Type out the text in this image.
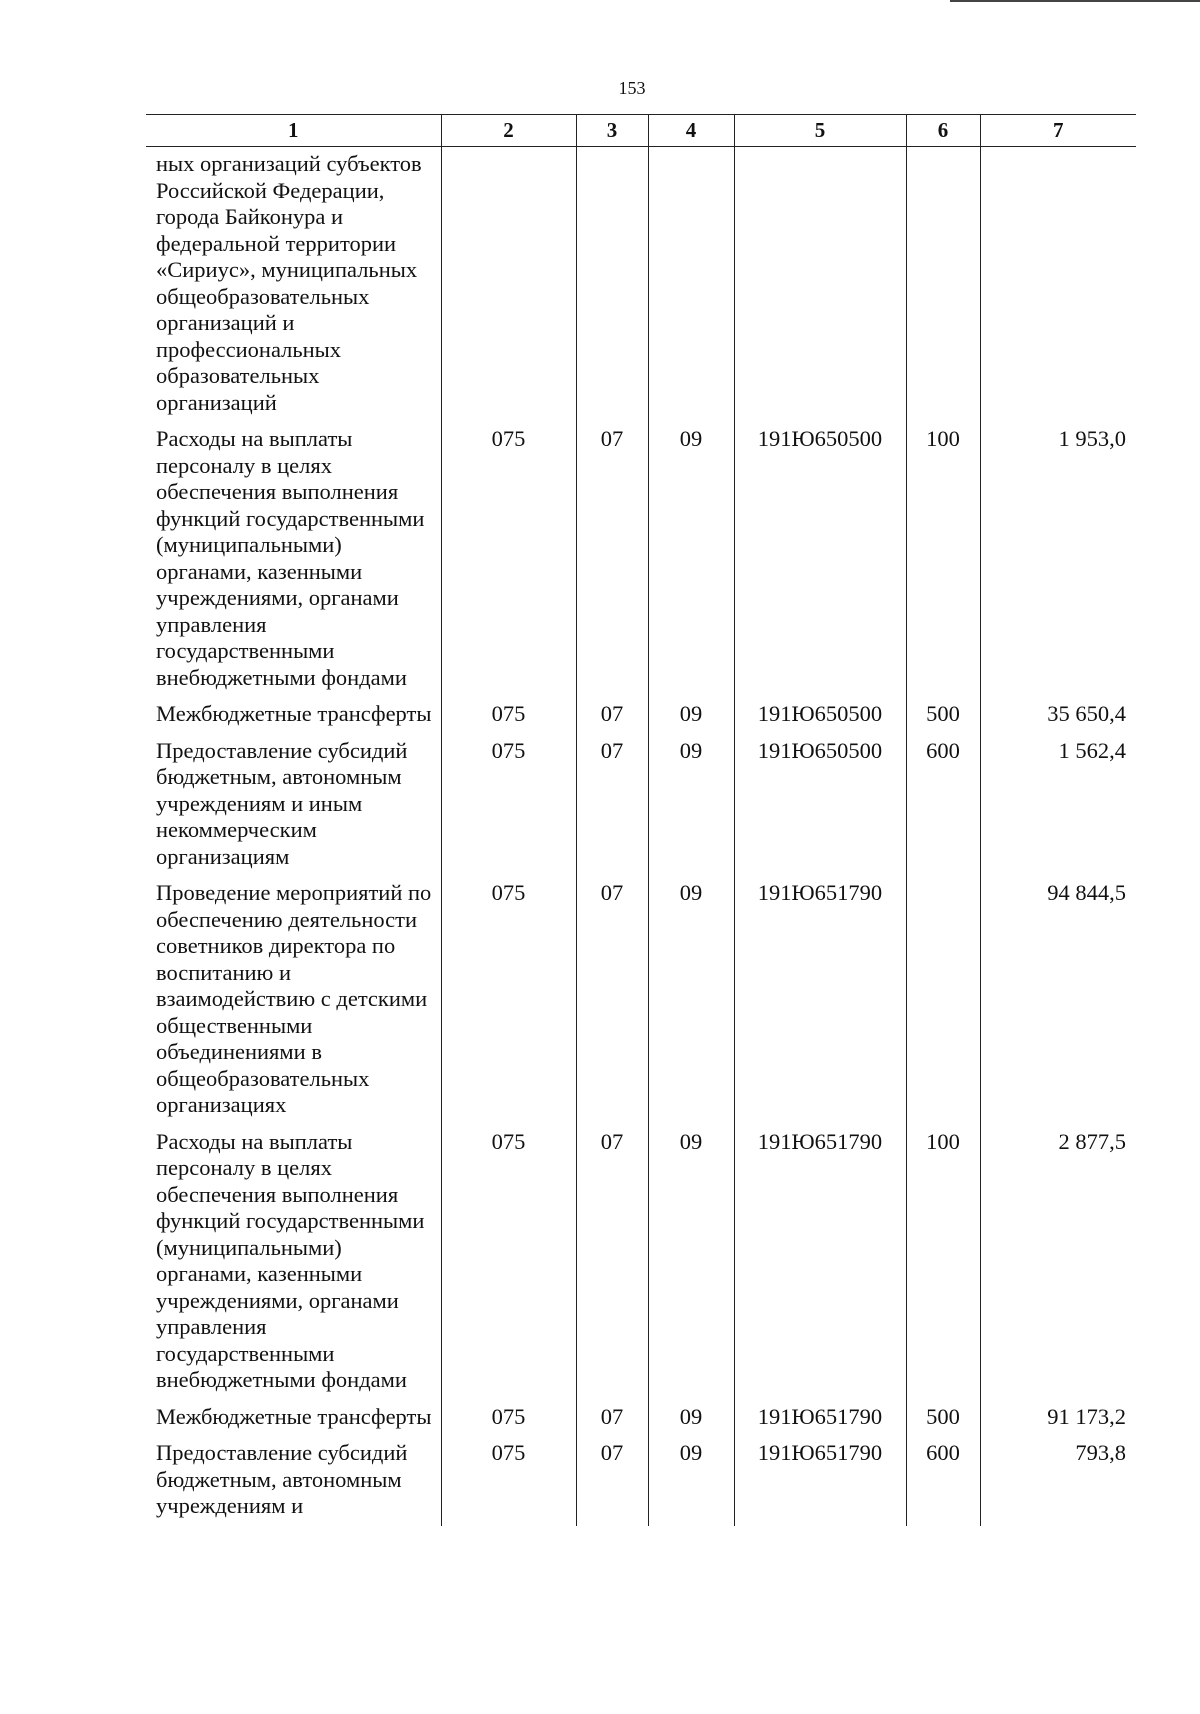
153
1	2	3	4	5	6	7
ных организаций субъектов Российской Федерации, города Байконура и федеральной территории «Сириус», муниципальных общеобразовательных организаций и профессиональных образовательных организаций						
Расходы на выплаты персоналу в целях обеспечения выполнения функций государственными (муниципальными) органами, казенными учреждениями, органами управления государственными внебюджетными фондами	075	07	09	191Ю650500	100	1 953,0
Межбюджетные трансферты	075	07	09	191Ю650500	500	35 650,4
Предоставление субсидий бюджетным, автономным учреждениям и иным некоммерческим организациям	075	07	09	191Ю650500	600	1 562,4
Проведение мероприятий по обеспечению деятельности советников директора по воспитанию и взаимодействию с детскими общественными объединениями в общеобразовательных организациях	075	07	09	191Ю651790		94 844,5
Расходы на выплаты персоналу в целях обеспечения выполнения функций государственными (муниципальными) органами, казенными учреждениями, органами управления государственными внебюджетными фондами	075	07	09	191Ю651790	100	2 877,5
Межбюджетные трансферты	075	07	09	191Ю651790	500	91 173,2
Предоставление субсидий бюджетным, автономным учреждениям и	075	07	09	191Ю651790	600	793,8
